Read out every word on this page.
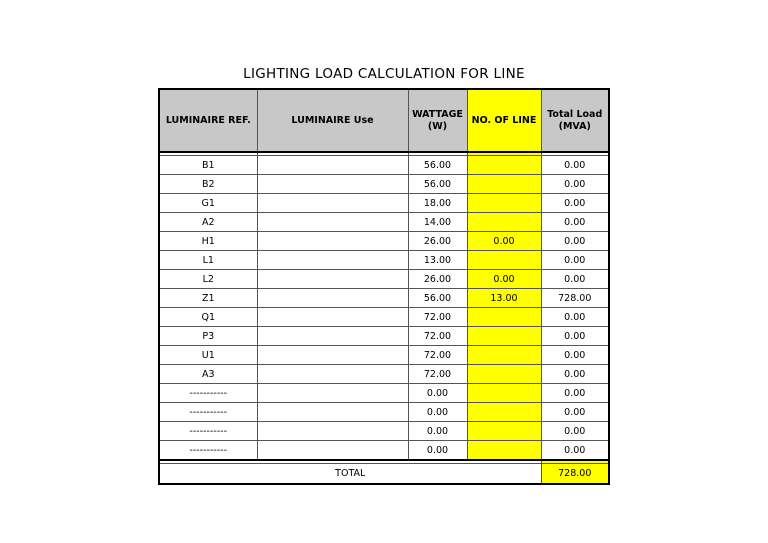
LIGHTING LOAD CALCULATION FOR LINE
LUMINAIRE REF.	LUMINAIRE Use	WATTAGE (W)	NO. OF LINE	Total Load (MVA)

B1		56.00		0.00
B2		56.00		0.00
G1		18.00		0.00
A2		14.00		0.00
H1		26.00	0.00	0.00
L1		13.00		0.00
L2		26.00	0.00	0.00
Z1		56.00	13.00	728.00
Q1		72.00		0.00
P3		72.00		0.00
U1		72.00		0.00
A3		72.00		0.00
-----------		0.00		0.00
-----------		0.00		0.00
-----------		0.00		0.00
-----------		0.00		0.00

TOTAL				728.00
